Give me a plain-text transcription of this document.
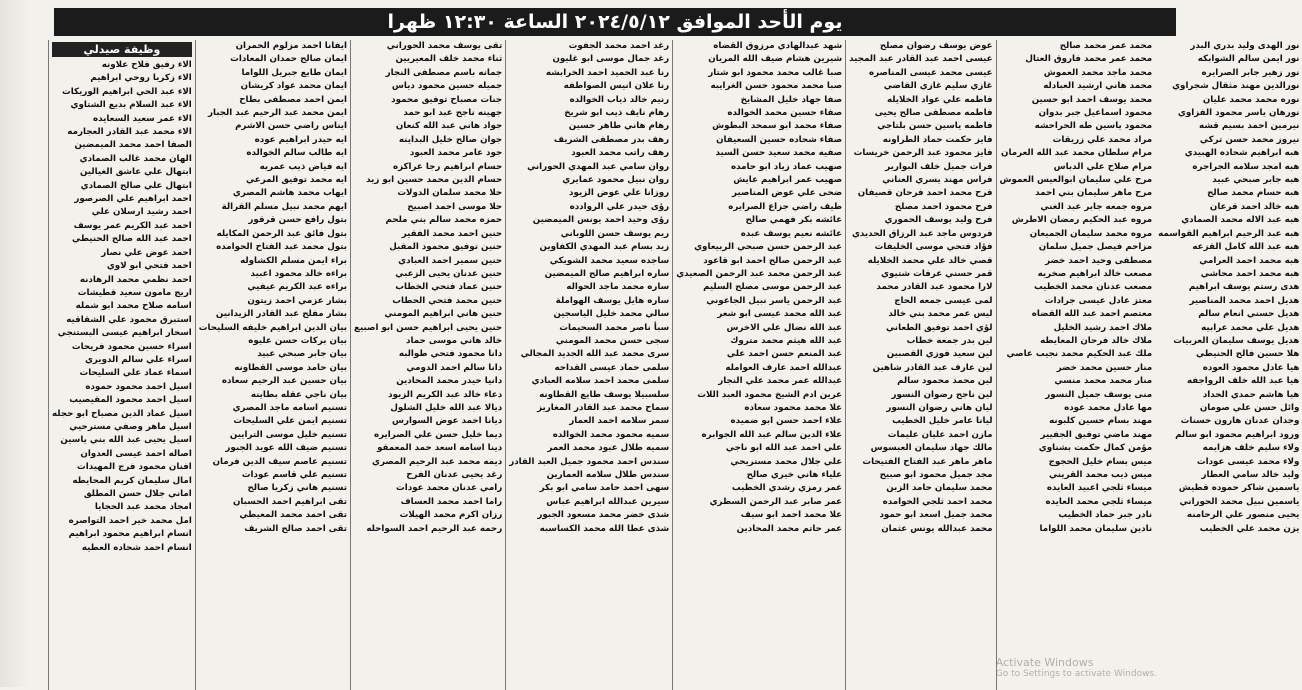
يوم الأحد الموافق ٢٠٢٤/٥/١٢ الساعة ١٢:٣٠ ظهرا
وظيفة صيدلي
الاء رفيق فلاح علاونه
الاء زكريا روحي ابراهيم
الاء عبد الحي ابراهيم الوريكات
الاء عبد السلام بديع الشتاوي
الاء عمر سعيد السعايده
الاء محمد عبد القادر العجارمه
الصفا احمد محمد الميمضين
الهان محمد غالب الصمادي
ابتهال علي عاشق الغيالين
ابتهال علي صالح الصمادي
احمد ابراهيم علي الصرصور
احمد رشيد ارسلان علي
احمد عبد الكريم عمر يوسف
احمد عبد الله صالح الحنيطي
احمد عوض علي نصار
احمد فتحي ابو لاوي
احمد نظمي محمد الرهادنه
اريج مامون سعيد قطيشات
اسامه صلاح محمد ابو شمله
استبرق محمود علي الشقاقيه
اسحار ابراهيم عيسى البستنجي
اسراء حسين محمود فريحات
اسراء علي سالم الدويري
اسماء عماد علي السليحات
اسيل احمد محمود حموده
اسيل احمد محمود المقيصيب
اسيل عماد الدين مصباح ابو حجله
اسيل ماهر وصفي مسترحيي
اسيل يحيى عبد الله بني ياسين
اصاله احمد عيسى العدوان
افنان محمود فرج المهيدات
امال سليمان كريم المحايطه
اماني جلال حسن المطلق
امجاد محمد عبد الحجايا
امل محمد خير احمد التواصره
انسام ابراهيم محمود ابراهيم
انسام احمد شحاده العطيه
ايفانا احمد مزلوم الحمران
ايمان صالح حمدان المعادات
ايمان طايع جبريل اللواما
ايمان محمد عواد كريشان
ايمن احمد مصطفى بطاح
ايمن محمد عبد الرحيم عبد الجبار
ايناس راضي حسن الاشرم
ايه حيدر ابراهيم عوده
ايه طالب سالم الخوالده
ايه فياض ذيب عمريه
ايه محمد توفيق المرعي
ايهاب محمد هاشم المصري
ايهم محمد نبيل مسلم القرالة
بتول رافع حسن قرقور
بتول فائق عبد الرحمن المكايله
بتول محمد عبد الفتاح الحوامده
براء ايمن مسلم الكشاوله
براءه خالد محمود اعبيد
براءه عبد الكريم عيفيي
بشار عزمي احمد زيتون
بشار مفلح عبد القادر الزيدانين
بيان الدين ابراهيم خليفه السليحات
بيان بركات حسن عليوه
بيان جابر صبحي عبيد
بيان حامد موسى القطاونه
بيان حسين عبد الرحيم سعاده
بيان ناجي عقله بطاينه
تسنيم اسامه ماجد المصري
تسنيم ايمن علي السليحات
تسنيم خليل موسى الترايين
تسنيم ضيف الله عويد الجبور
تسنيم عاصم سيف الدين فرمان
تسنيم علي قاسم عودات
تسنيم هاني زكريا صالح
تقى ابراهيم احمد الحسبان
تقى احمد محمد المعيطي
تقى احمد صالح الشريف
تقى يوسف محمد الحوراني
ثناء محمد خلف المعيريين
جمانه باسم مصطفى النجار
جميله حسين محمود دياس
جنات مصباح توفيق محمود
جهينه ناجح عبد ابو حمد
جواد هاني عبد الله كنعان
جوان صالح خليل البداينه
جود عامر محمد العبود
حسام ابراهيم رجا عراكزه
حسام الدين محمد حسين ابو زيد
حلا محمد سلمان الدولات
حلا موسى احمد اصبيح
حمزه محمد سالم بني ملحم
حنين احمد محمد الفقير
حنين توفيق محمود المقبل
حنين سمير احمد العبادي
حنين عدنان يحيى الزعبي
حنين عماد فتحي الخطاب
حنين محمد فتحي الحطاب
حنين هاني ابراهيم المومني
حنين يحيى ابراهيم حسن ابو اصبيع
خالد هاني موسى حماد
دانا محمود فتحي طوالبه
دانا سالم احمد الدومي
دانيا حيدر محمد المحادين
دعاء خالد عبد الكريم الزيود
ديالا عبد الله خليل الشلول
ديانا احمد عوض السوارس
ديما خليل حسن علي الصرايره
دينا اسامه اسعد حمد المعمقو
ديمه محمد عبد الرحيم المصري
رغد يحيى عدنان الفرح
رامي عدنان محمد عودات
راما احمد محمد العساف
رزان اكرم محمد الهيلات
رحمه عبد الرحيم احمد السواحله
رغد احمد محمد الجفوت
رغد جمال موسى ابو غليون
رنا عبد الحميد احمد الخرابشه
رنا علان انيس الصواطفه
رنيم خالد ذياب الخوالده
رهام نايف ذيب ابو شريخ
رهام هاني طاهر حسين
رهف بدر مصطفى الشريف
رهف راتب محمد العبود
روان سامي عبد المهدي الحوراني
روان نبيل محمود عمايري
روزانا علي عوض الزيود
رؤى حيدر علي الروادده
رؤى وحيد احمد يونس الميمضين
ريم يوسف حسن اللوباني
زيد بسام عبد المهدي الكفاوين
ساجده سعيد محمد الشويكي
ساره ابراهيم صالح الميمضين
ساره محمد ماجد الحواله
ساره هايل يوسف الهواملة
سالي محمد خليل الياسجين
سبأ ناصر محمد السحيمات
سجى حسن محمد المومني
سرى محمد عبد الله الجديد المجالي
سلمى حماد عيسى القداحه
سلمى محمد احمد سلامه العبادي
سلسبيلا يوسف طايع القطاونه
سماح محمد عبد القادر المغاريز
سمر سلامه احمد العمار
سميه محمود محمد الخوالده
سميه طلال عبود محمد العمر
سندس احمد محمود جميل العبد القادر
سندس طلال سلامه العمارين
سهى احمد حامد سامي ابو بكر
سيرين عبدالله ابراهيم عباس
شذى خضر محمد مسعود الجبور
شذى عطا الله محمد الكساسبه
شهد عبدالهادي مرزوق القضاه
شيرين هشام ضيف الله المريان
صبا غالب محمد محمود ابو شتار
صبا محمد محمود حسن الغرايبه
صفا جهاد خليل المشايخ
صفاء حسين محمد الخوالده
صفاء محمد ابو سمحد البطوش
صفاء شحاده حسين السعيفان
صفيه محمد سعيد حسن السيد
صهيب عماد زياد ابو حامده
صهيب عمر ابراهيم عايش
ضحى علي عوض المناصير
طيف راضي جزاع الصرايره
عائشه بكر فهمي صالح
عائشه نعيم يوسف عبده
عبد الرحمن حسن صبحي الربيعاوي
عبد الرحمن صالح احمد ابو قاعود
عبد الرحمن محمد عبد الرحمن الصعيدي
عبد الرحمن موسى مصلح السليم
عبد الرحمن ياسر نبيل الجاعوني
عبد الله محمد عيسى ابو شعر
عبد الله نضال علي الاخرس
عبد الله هيثم محمد متروك
عبد المنعم حسن احمد علي
عبدالله احمد عارف العوامله
عبدالله عمر محمد علي النجار
عرين ادم الشيخ محمود العبد اللات
علا محمد محمود سعاده
علاء احمد حسن ابو ضميده
علاء الدين سالم عبد الله الجوابره
علي احمد عبد الله ابو ناجي
علي جلال محمد مستريحي
علياء هاني خيري صالح
عمر رمزي رشدي الخطيب
عمر صابر عبد الرحمن السطري
علا محمد احمد ابو سيف
عمر حاتم محمد المحادين
عوض يوسف رضوان مصلح
عيسى احمد عبد القادر عبد المجيد
عيسى محمد عيسى المناصره
غازي سليم غازي القاضي
فاطمه علي عواد الخلايله
فاطمه مصطفى صالح يحيى
فاطمه ياسين حسن بلتاجي
فايز حكمت حماد الطراونه
فايز محمود عبد الرحمن خريسات
فرات جميل خلف البوارير
فراس مهند يسري العناني
فرح محمد احمد فرحان قصيفان
فرح محمود احمد مصلح
فرح وليد يوسف الحموري
فردوس ماجد عبد الرزاق الحديدي
فؤاد فتحي موسى الخليفات
قصي خالد علي محمد الخلايله
قمر حسني عرفات شتيوي
لارا محمود عبد القادر محمد
لمى عيسى جمعه الحاج
ليس عمر محمد بني خالد
لؤي احمد توفيق الطعاني
لين بدر جمعه خطاب
لين سعيد فوزي القصبين
لين عارف عبد القادر شاهين
لين محمد محمود سالم
لين ناجح رضوان النسور
ليان هاني رضوان النسور
ليانا عامر خليل الخطيب
مازن احمد عليان عليمات
مالك جهاد سليمان العبسوس
ماهر ماهر عبد الفتاح الفتيحات
مجد جميل محمود ابو صبيح
محمد سليمان حامد الزبن
محمد احمد ثلجي الحوامده
محمد جميل اسعد ابو حمود
محمد عبدالله يونس عثمان
محمد عمر محمد صالح
محمد عمر محمد فاروق العتال
محمد ماجد محمد العموش
محمد هاني ارشيد العبادله
محمد يوسف احمد ابو حسين
محمود اسماعيل جبر بدوان
محمود ياسين طه الحراحشه
مراد محمد علي زريقات
مرام سلطان محمد عبد الله العرمان
مرام صلاح علي الدباس
مرح علي سليمان ابوالعيس العموش
مرح ماهر سليمان بني احمد
مروه جمعه جابر عبد الغني
مروه عبد الحكيم رمضان الاطرش
مروه محمد سليمان الجميعان
مزاحم فيصل جميل سلمان
مصطفى وحيد احمد خضر
مصعب خالد ابراهيم صخريه
مصعب عدنان محمد الخطيب
معتز عادل عيسى جرادات
معتصم احمد عبد الله القضاه
ملاك احمد رشيد الخليل
ملاك خالد فرحان المعايطه
ملك عبد الحكيم محمد نجيب عاصي
منار حسين محمد خضر
منار محمد محمد منسي
منى يوسف جميل النسور
مها عادل محمد عوده
مهند بسام حسين كلبونه
مهند ماضي توفيق الجفيير
مؤمن كمال حكمت بشناوي
ميس بسام خليل الحجوج
ميس ذيب محمد القريني
ميساء ثلجي اعبيد العايده
ميساء ثلجي محمد العايده
نادر جبر حماد الخطيب
نادين سليمان محمد اللواما
نور الهدى وليد بدري البدر
نور ايمن سالم الشوابكه
نور زهير جابر الصرايره
نورالدين مهند مثقال شجراوي
نوره محمد محمد عليان
نورهان ياسر محمود الفزاوي
نيرمين احمد بسيم قشه
نيروز محمد حسن تركي
هبه ابراهيم شحاده الهبيدي
هبه امجد سلامه الجراجره
هبه جابر صبحي عبيد
هبه حسام محمد صالح
هبه خالد احمد قرعان
هبه عبد الاله محمد الصمادي
هبه عبد الرحيم ابراهيم القواسمه
هبه عبد الله كامل القزعه
هبه محمد احمد العرامي
هبه محمد احمد محاشي
هدى رستم يوسف ابراهيم
هديل احمد محمد المناصير
هديل حسني انعام سالم
هديل علي محمد عرابيه
هديل يوسف سليمان العربيات
هلا حسين فالح الحنيطي
هيا عادل محمود العوده
هيا عبد الله خلف الرواجفه
هيا هاشم حمدي الحداد
وائل حسن علي صومان
وجدان عدنان هارون حسنات
ورود ابراهيم محمود ابو سالم
ولاء سليم خلف هزايمه
ولاء محمد عيسى عودات
وليد خالد سامي العطار
ياسمين شاكر حموده قطيش
ياسمين نبيل محمد الحوراني
يحيى منصور علي الرحامنه
يزن محمد علي الخطيب
Activate Windows
Go to Settings to activate Windows.
